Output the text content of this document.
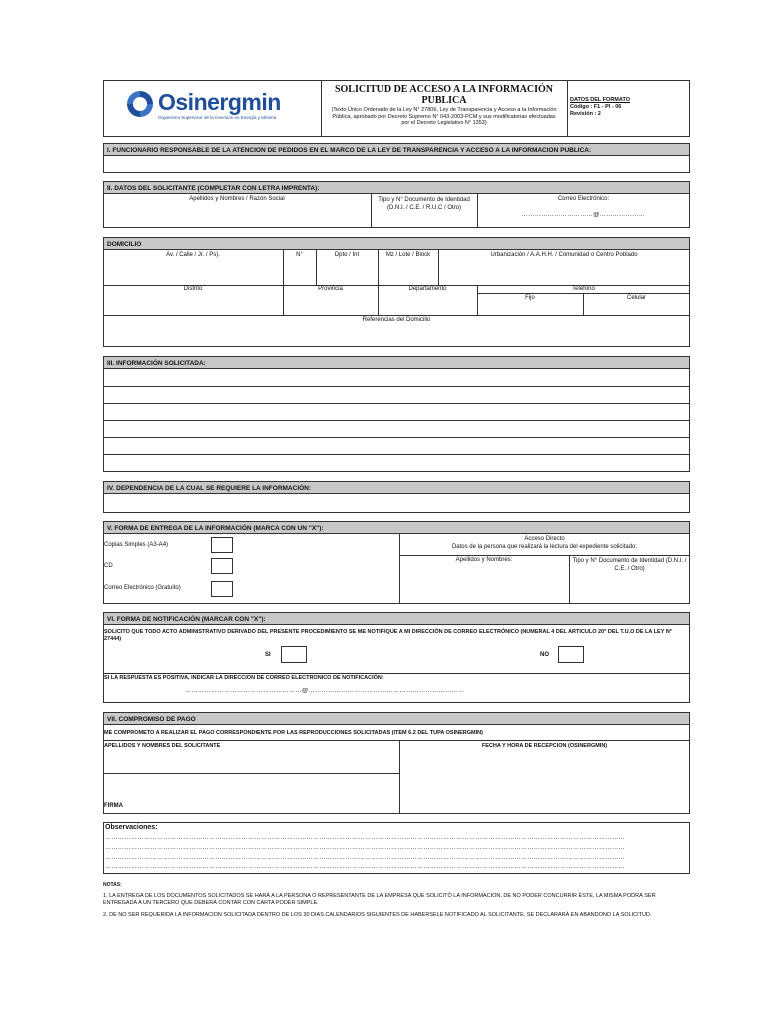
Osinergmin
Organismo Supervisor de la Inversión en Energía y Minería
SOLICITUD DE ACCESO A LA INFORMACIÓN PUBLICA
(Texto Único Ordenado de la Ley N° 27806, Ley de Transparencia y Acceso a la Información Pública, aprobado por Decreto Supremo N° 043-2003-PCM y sus modificatorias efectuadas por el Decreto Legislativo N° 1353)
DATOS DEL FORMATO
Código : F1 - PI - 06
Revisión : 2
I. FUNCIONARIO RESPONSABLE DE LA ATENCION DE PEDIDOS EN EL MARCO DE LA LEY DE TRANSPARENCIA Y ACCESO A LA INFORMACION PUBLICA:
II. DATOS DEL SOLICITANTE (COMPLETAR CON LETRA IMPRENTA):
Apellidos y Nombres / Razón Social	Tipo y N° Documento de Identidad (D.N.I. / C.E. / R.U.C / Otro)
Correo Electrónico:
……………………………@…………………
DOMICILIO
Av. / Calle / Jr. / Ps).	N°	Dpto / Int	Mz / Lote / Block	Urbanización / A.A.H.H. / Comunidad o Centro Poblado
Distrito	Provincia	Departamento	Teléfono
Fijo	Celular
Referencias del Domicilio
III. INFORMACIÓN SOLICITADA:
IV. DEPENDENCIA DE LA CUAL SE REQUIERE LA INFORMACIÓN:
V. FORMA DE ENTREGA DE LA INFORMACIÓN (MARCA CON UN "X"):
Copias Simples (A3-A4)
CD
Correo Electrónico (Gratuito)
Acceso Directo
Datos de la persona que realizará la lectura del expediente solicitado:
Apellidos y Nombres:	Tipo y N° Documento de Identidad (D.N.I. / C.E. / Otro)
VI. FORMA DE NOTIFICACIÓN (MARCAR CON "X"):
SOLICITO QUE TODO ACTO ADMINISTRATIVO DERIVADO DEL PRESENTE PROCEDIMIENTO SE ME NOTIFIQUE A MI DIRECCIÓN DE CORREO ELECTRÓNICO (NUMERAL 4 DEL ARTICULO 20° DEL T.U.O DE LA LEY N° 27444)
SI	NO
SI LA RESPUESTA ES POSITIVA, INDICAR LA DIRECCION DE CORREO ELECTRONICO DE NOTIFICACIÓN:
………………………………………………@………………………………………………………………
VII. COMPROMISO DE PAGO
ME COMPROMETO A REALIZAR EL PAGO CORRESPONDIENTE POR LAS REPRODUCCIONES SOLICITADAS (ITEM 6.2 DEL TUPA OSINERGMIN)
APELLIDOS Y NOMBRES DEL SOLICITANTE	FECHA Y HORA DE RECEPCION (OSINERGMIN)
FIRMA
Observaciones:
……………………………………………………………………………………………………………………………………………………………………………………………………………………
……………………………………………………………………………………………………………………………………………………………………………………………………………………
……………………………………………………………………………………………………………………………………………………………………………………………………………………
……………………………………………………………………………………………………………………………………………………………………………………………………………………
NOTAS:
1. LA ENTREGA DE LOS DOCUMENTOS SOLICITADOS SE HARÁ A LA PERSONA O REPRESENTANTE DE LA EMPRESA QUE SOLICITÓ LA INFORMACION, DE NO PODER CONCURRIR ÉSTE, LA MISMA PODRÁ SER ENTREGADA A UN TERCERO QUE DEBERÁ CONTAR CON CARTA PODER SIMPLE.
2. DE NO SER REQUERIDA LA INFORMACION SOLICITADA DENTRO DE LOS 30 DIAS CALENDARIOS SIGUIENTES DE HABERSELE NOTIFICADO AL SOLICITANTE, SE DECLARARÁ EN ABANDONO LA SOLICITUD.
